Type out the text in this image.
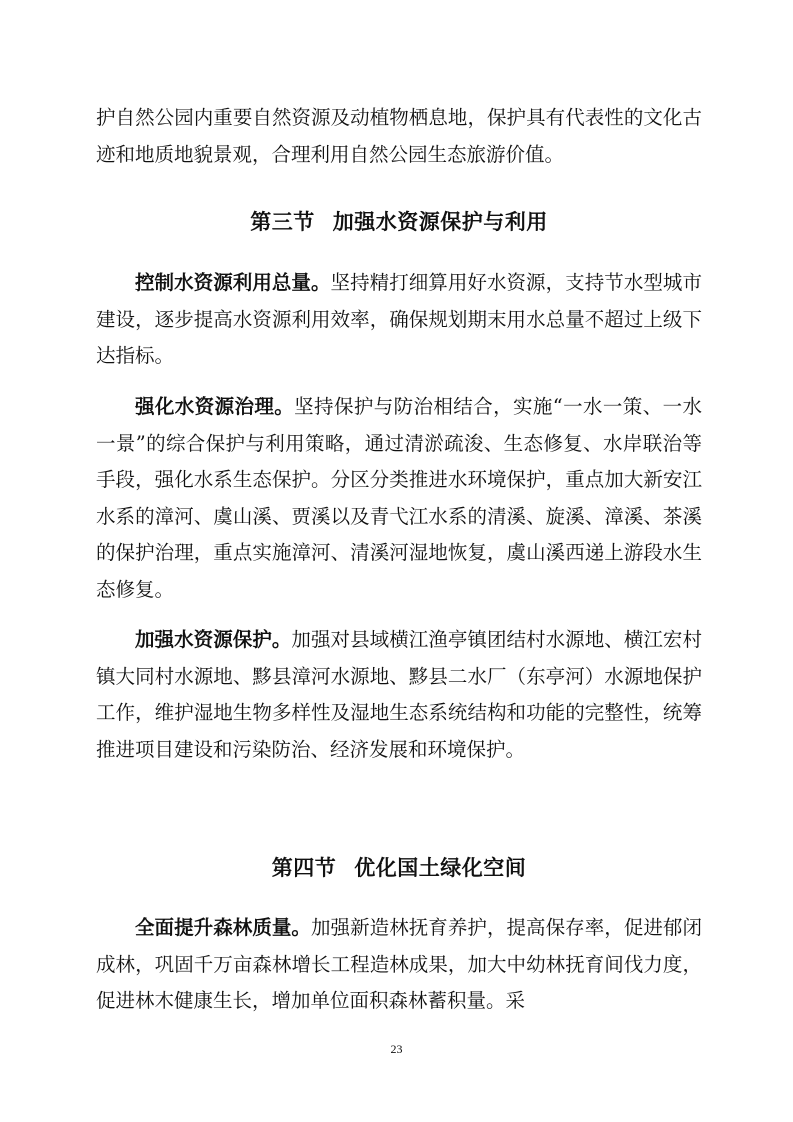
护自然公园内重要自然资源及动植物栖息地，保护具有代表性的文化古迹和地质地貌景观，合理利用自然公园生态旅游价值。

第三节 加强水资源保护与利用

控制水资源利用总量。坚持精打细算用好水资源，支持节水型城市建设，逐步提高水资源利用效率，确保规划期末用水总量不超过上级下达指标。

强化水资源治理。坚持保护与防治相结合，实施“一水一策、一水一景”的综合保护与利用策略，通过清淤疏浚、生态修复、水岸联治等手段，强化水系生态保护。分区分类推进水环境保护，重点加大新安江水系的漳河、虞山溪、贾溪以及青弋江水系的清溪、旋溪、漳溪、茶溪的保护治理，重点实施漳河、清溪河湿地恢复，虞山溪西递上游段水生态修复。

加强水资源保护。加强对县域横江渔亭镇团结村水源地、横江宏村镇大同村水源地、黟县漳河水源地、黟县二水厂（东亭河）水源地保护工作，维护湿地生物多样性及湿地生态系统结构和功能的完整性，统筹推进项目建设和污染防治、经济发展和环境保护。

第四节 优化国土绿化空间

全面提升森林质量。加强新造林抚育养护，提高保存率，促进郁闭成林，巩固千万亩森林增长工程造林成果，加大中幼林抚育间伐力度，促进林木健康生长，增加单位面积森林蓄积量。采

23
